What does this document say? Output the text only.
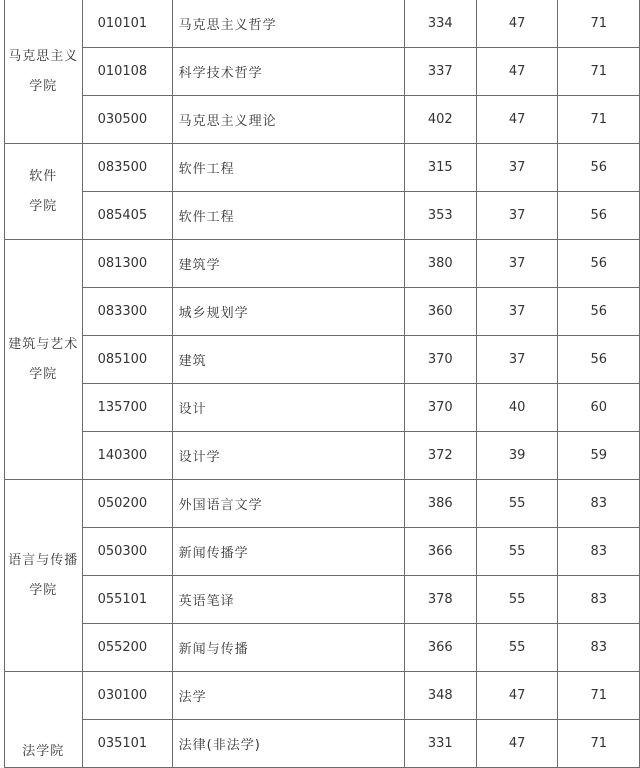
马克思主义
学院	010101	马克思主义哲学	334	47	71
	010108	科学技术哲学	337	47	71
	030500	马克思主义理论	402	47	71

软件
学院	083500	软件工程	315	37	56
	085405	软件工程	353	37	56

建筑与艺术
学院	081300	建筑学	380	37	56
	083300	城乡规划学	360	37	56
	085100	建筑	370	37	56
	135700	设计	370	40	60
	140300	设计学	372	39	59

语言与传播
学院	050200	外国语言文学	386	55	83
	050300	新闻传播学	366	55	83
	055101	英语笔译	378	55	83
	055200	新闻与传播	366	55	83

法学院	030100	法学	348	47	71
	035101	法律(非法学)	331	47	71
